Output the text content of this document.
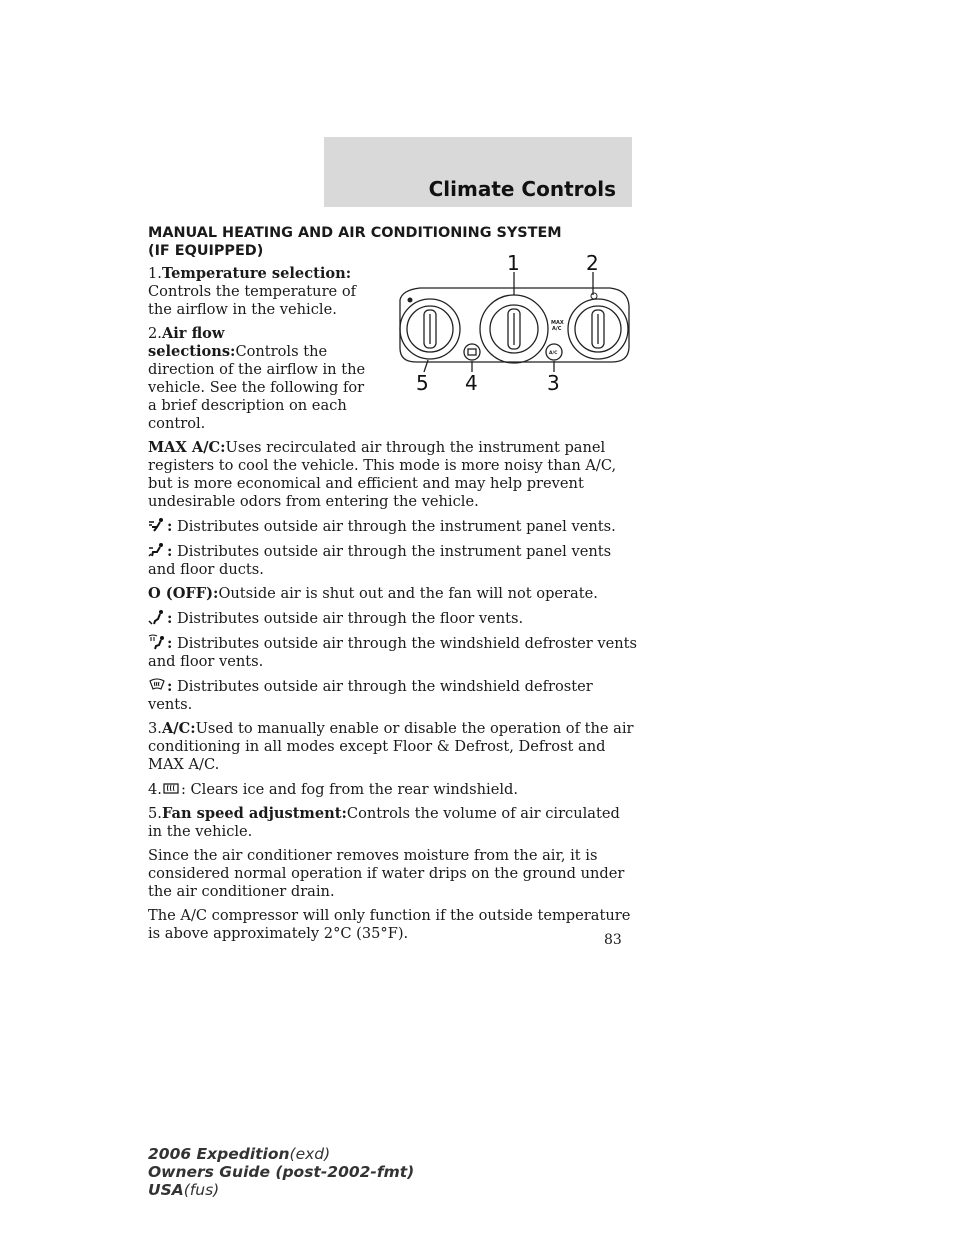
Climate Controls
MAX
A/C
A/C
1	2
3
4
5
MANUAL HEATING AND AIR CONDITIONING SYSTEM
(IF EQUIPPED)

1.Temperature selection: Controls the temperature of the airflow in the vehicle.

2.Air flow selections:Controls the direction of the airflow in the vehicle. See the following for a brief description on each control.

MAX A/C:Uses recirculated air through the instrument panel registers to cool the vehicle. This mode is more noisy than A/C, but is more economical and efficient and may help prevent undesirable odors from entering the vehicle.

: Distributes outside air through the instrument panel vents.

: Distributes outside air through the instrument panel vents and floor ducts.

O (OFF):Outside air is shut out and the fan will not operate.

: Distributes outside air through the floor vents.

: Distributes outside air through the windshield defroster vents and floor vents.

: Distributes outside air through the windshield defroster vents.

3.A/C:Used to manually enable or disable the operation of the air conditioning in all modes except Floor & Defrost, Defrost and MAX A/C.

4. : Clears ice and fog from the rear windshield.

5.Fan speed adjustment:Controls the volume of air circulated in the vehicle.

Since the air conditioner removes moisture from the air, it is considered normal operation if water drips on the ground under the air conditioner drain.

The A/C compressor will only function if the outside temperature is above approximately 2°C (35°F).	83
2006 Expedition(exd)
Owners Guide (post-2002-fmt)
USA(fus)
